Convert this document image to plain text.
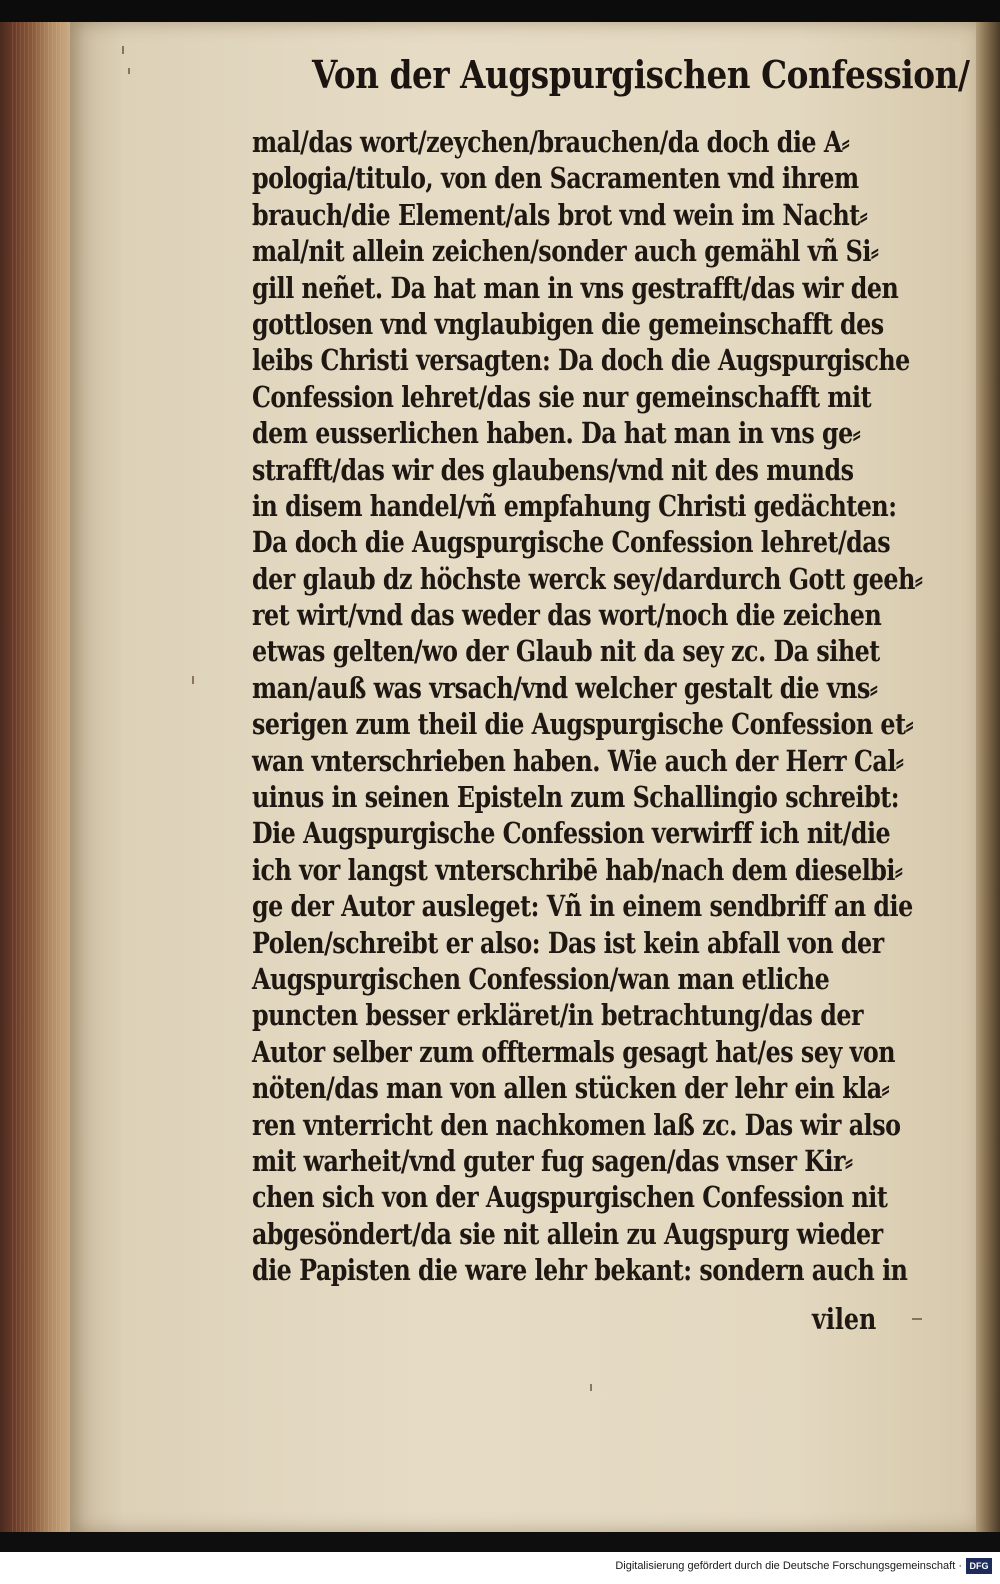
Von der Augspurgischen Confession/
mal/das wort/zeychen/brauchen/da doch die A⸗
pologia/titulo, von den Sacramenten vnd ihrem
brauch/die Element/als brot vnd wein im Nacht⸗
mal/nit allein zeichen/sonder auch gemähl vñ Si⸗
gill neñet. Da hat man in vns gestrafft/das wir den
gottlosen vnd vnglaubigen die gemeinschafft des
leibs Christi versagten: Da doch die Augspurgische
Confession lehret/das sie nur gemeinschafft mit
dem eusserlichen haben. Da hat man in vns ge⸗
strafft/das wir des glaubens/vnd nit des munds
in disem handel/vñ empfahung Christi gedächten:
Da doch die Augspurgische Confession lehret/das
der glaub dz höchste werck sey/dardurch Gott geeh⸗
ret wirt/vnd das weder das wort/noch die zeichen
etwas gelten/wo der Glaub nit da sey zc. Da sihet
man/auß was vrsach/vnd welcher gestalt die vns⸗
serigen zum theil die Augspurgische Confession et⸗
wan vnterschrieben haben. Wie auch der Herr Cal⸗
uinus in seinen Episteln zum Schallingio schreibt:
Die Augspurgische Confession verwirff ich nit/die
ich vor langst vnterschribē hab/nach dem dieselbi⸗
ge der Autor ausleget: Vñ in einem sendbriff an die
Polen/schreibt er also: Das ist kein abfall von der
Augspurgischen Confession/wan man etliche
puncten besser erkläret/in betrachtung/das der
Autor selber zum offtermals gesagt hat/es sey von
nöten/das man von allen stücken der lehr ein kla⸗
ren vnterricht den nachkomen laß zc. Das wir also
mit warheit/vnd guter fug sagen/das vnser Kir⸗
chen sich von der Augspurgischen Confession nit
abgesöndert/da sie nit allein zu Augspurg wieder
die Papisten die ware lehr bekant: sondern auch in
vilen
Digitalisierung gefördert durch die Deutsche Forschungsgemeinschaft · DFG
